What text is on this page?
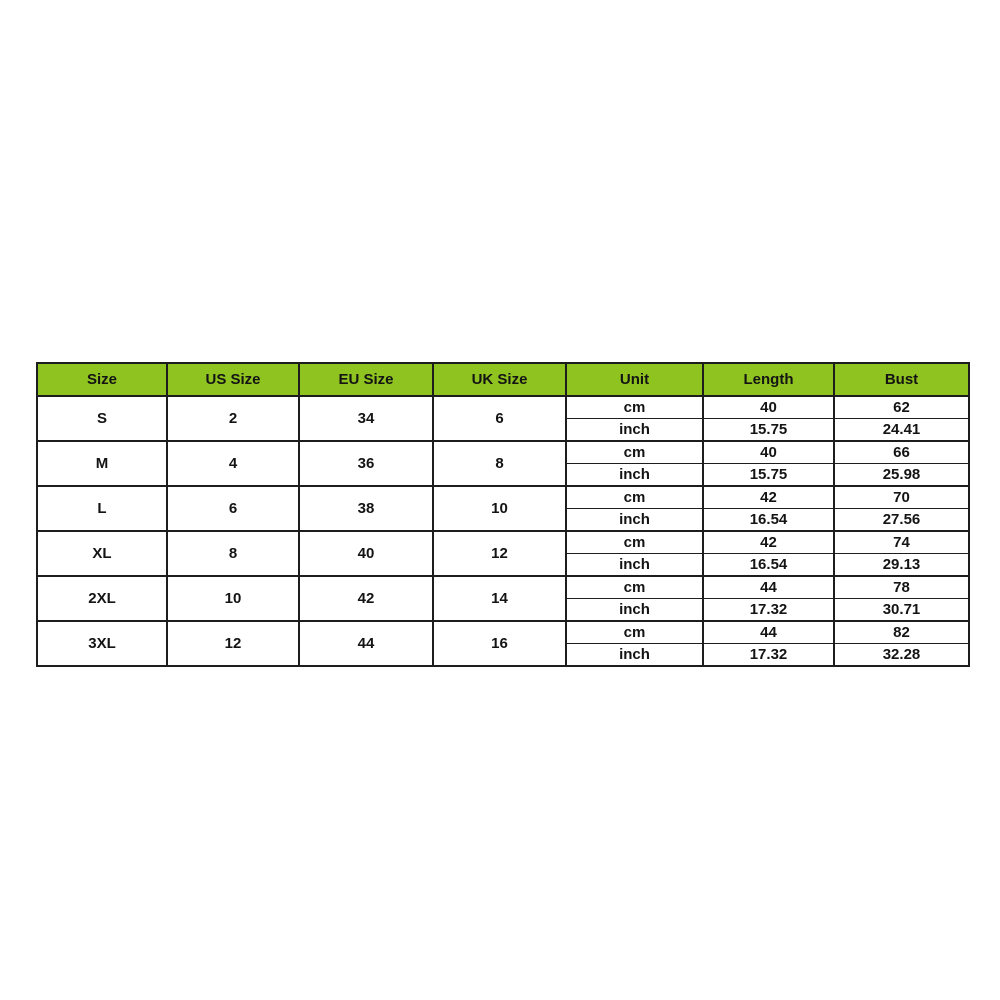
Size	US Size	EU Size	UK Size	Unit	Length	Bust
S	2	34	6	cm	40	62
				inch	15.75	24.41
M	4	36	8	cm	40	66
				inch	15.75	25.98
L	6	38	10	cm	42	70
				inch	16.54	27.56
XL	8	40	12	cm	42	74
				inch	16.54	29.13
2XL	10	42	14	cm	44	78
				inch	17.32	30.71
3XL	12	44	16	cm	44	82
				inch	17.32	32.28
